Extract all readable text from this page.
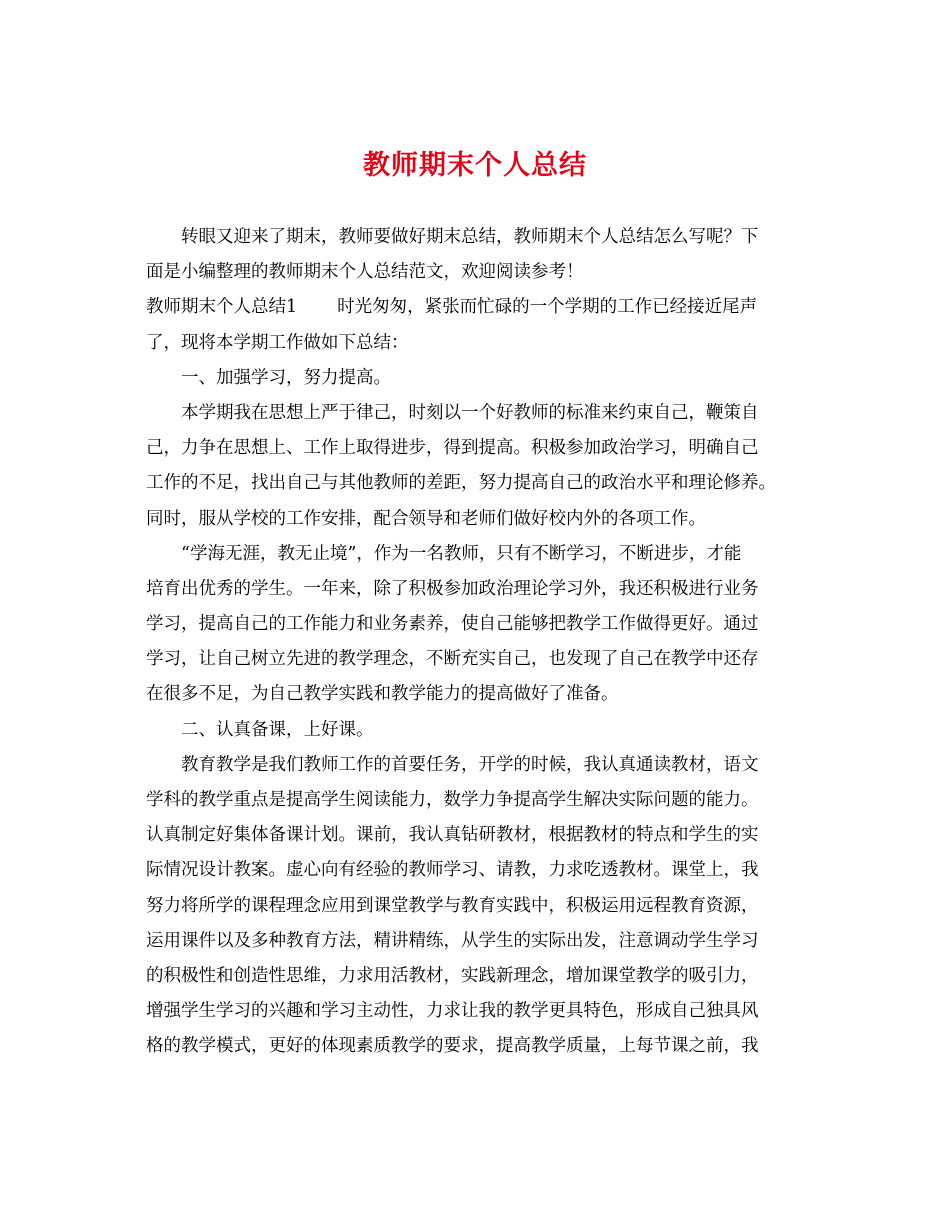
教师期末个人总结
转眼又迎来了期末，教师要做好期末总结，教师期末个人总结怎么写呢？下
面是小编整理的教师期末个人总结范文，欢迎阅读参考！
教师期末个人总结1 时光匆匆，紧张而忙碌的一个学期的工作已经接近尾声
了，现将本学期工作做如下总结：
一、加强学习，努力提高。
本学期我在思想上严于律己，时刻以一个好教师的标准来约束自己，鞭策自
己，力争在思想上、工作上取得进步，得到提高。积极参加政治学习，明确自己
工作的不足，找出自己与其他教师的差距，努力提高自己的政治水平和理论修养。
同时，服从学校的工作安排，配合领导和老师们做好校内外的各项工作。
“学海无涯，教无止境”，作为一名教师，只有不断学习，不断进步，才能
培育出优秀的学生。一年来，除了积极参加政治理论学习外，我还积极进行业务
学习，提高自己的工作能力和业务素养，使自己能够把教学工作做得更好。通过
学习，让自己树立先进的教学理念，不断充实自己，也发现了自己在教学中还存
在很多不足，为自己教学实践和教学能力的提高做好了准备。
二、认真备课，上好课。
教育教学是我们教师工作的首要任务，开学的时候，我认真通读教材，语文
学科的教学重点是提高学生阅读能力，数学力争提高学生解决实际问题的能力。
认真制定好集体备课计划。课前，我认真钻研教材，根据教材的特点和学生的实
际情况设计教案。虚心向有经验的教师学习、请教，力求吃透教材。课堂上，我
努力将所学的课程理念应用到课堂教学与教育实践中，积极运用远程教育资源，
运用课件以及多种教育方法，精讲精练，从学生的实际出发，注意调动学生学习
的积极性和创造性思维，力求用活教材，实践新理念，增加课堂教学的吸引力，
增强学生学习的兴趣和学习主动性，力求让我的教学更具特色，形成自己独具风
格的教学模式，更好的体现素质教学的要求，提高教学质量，上每节课之前，我
